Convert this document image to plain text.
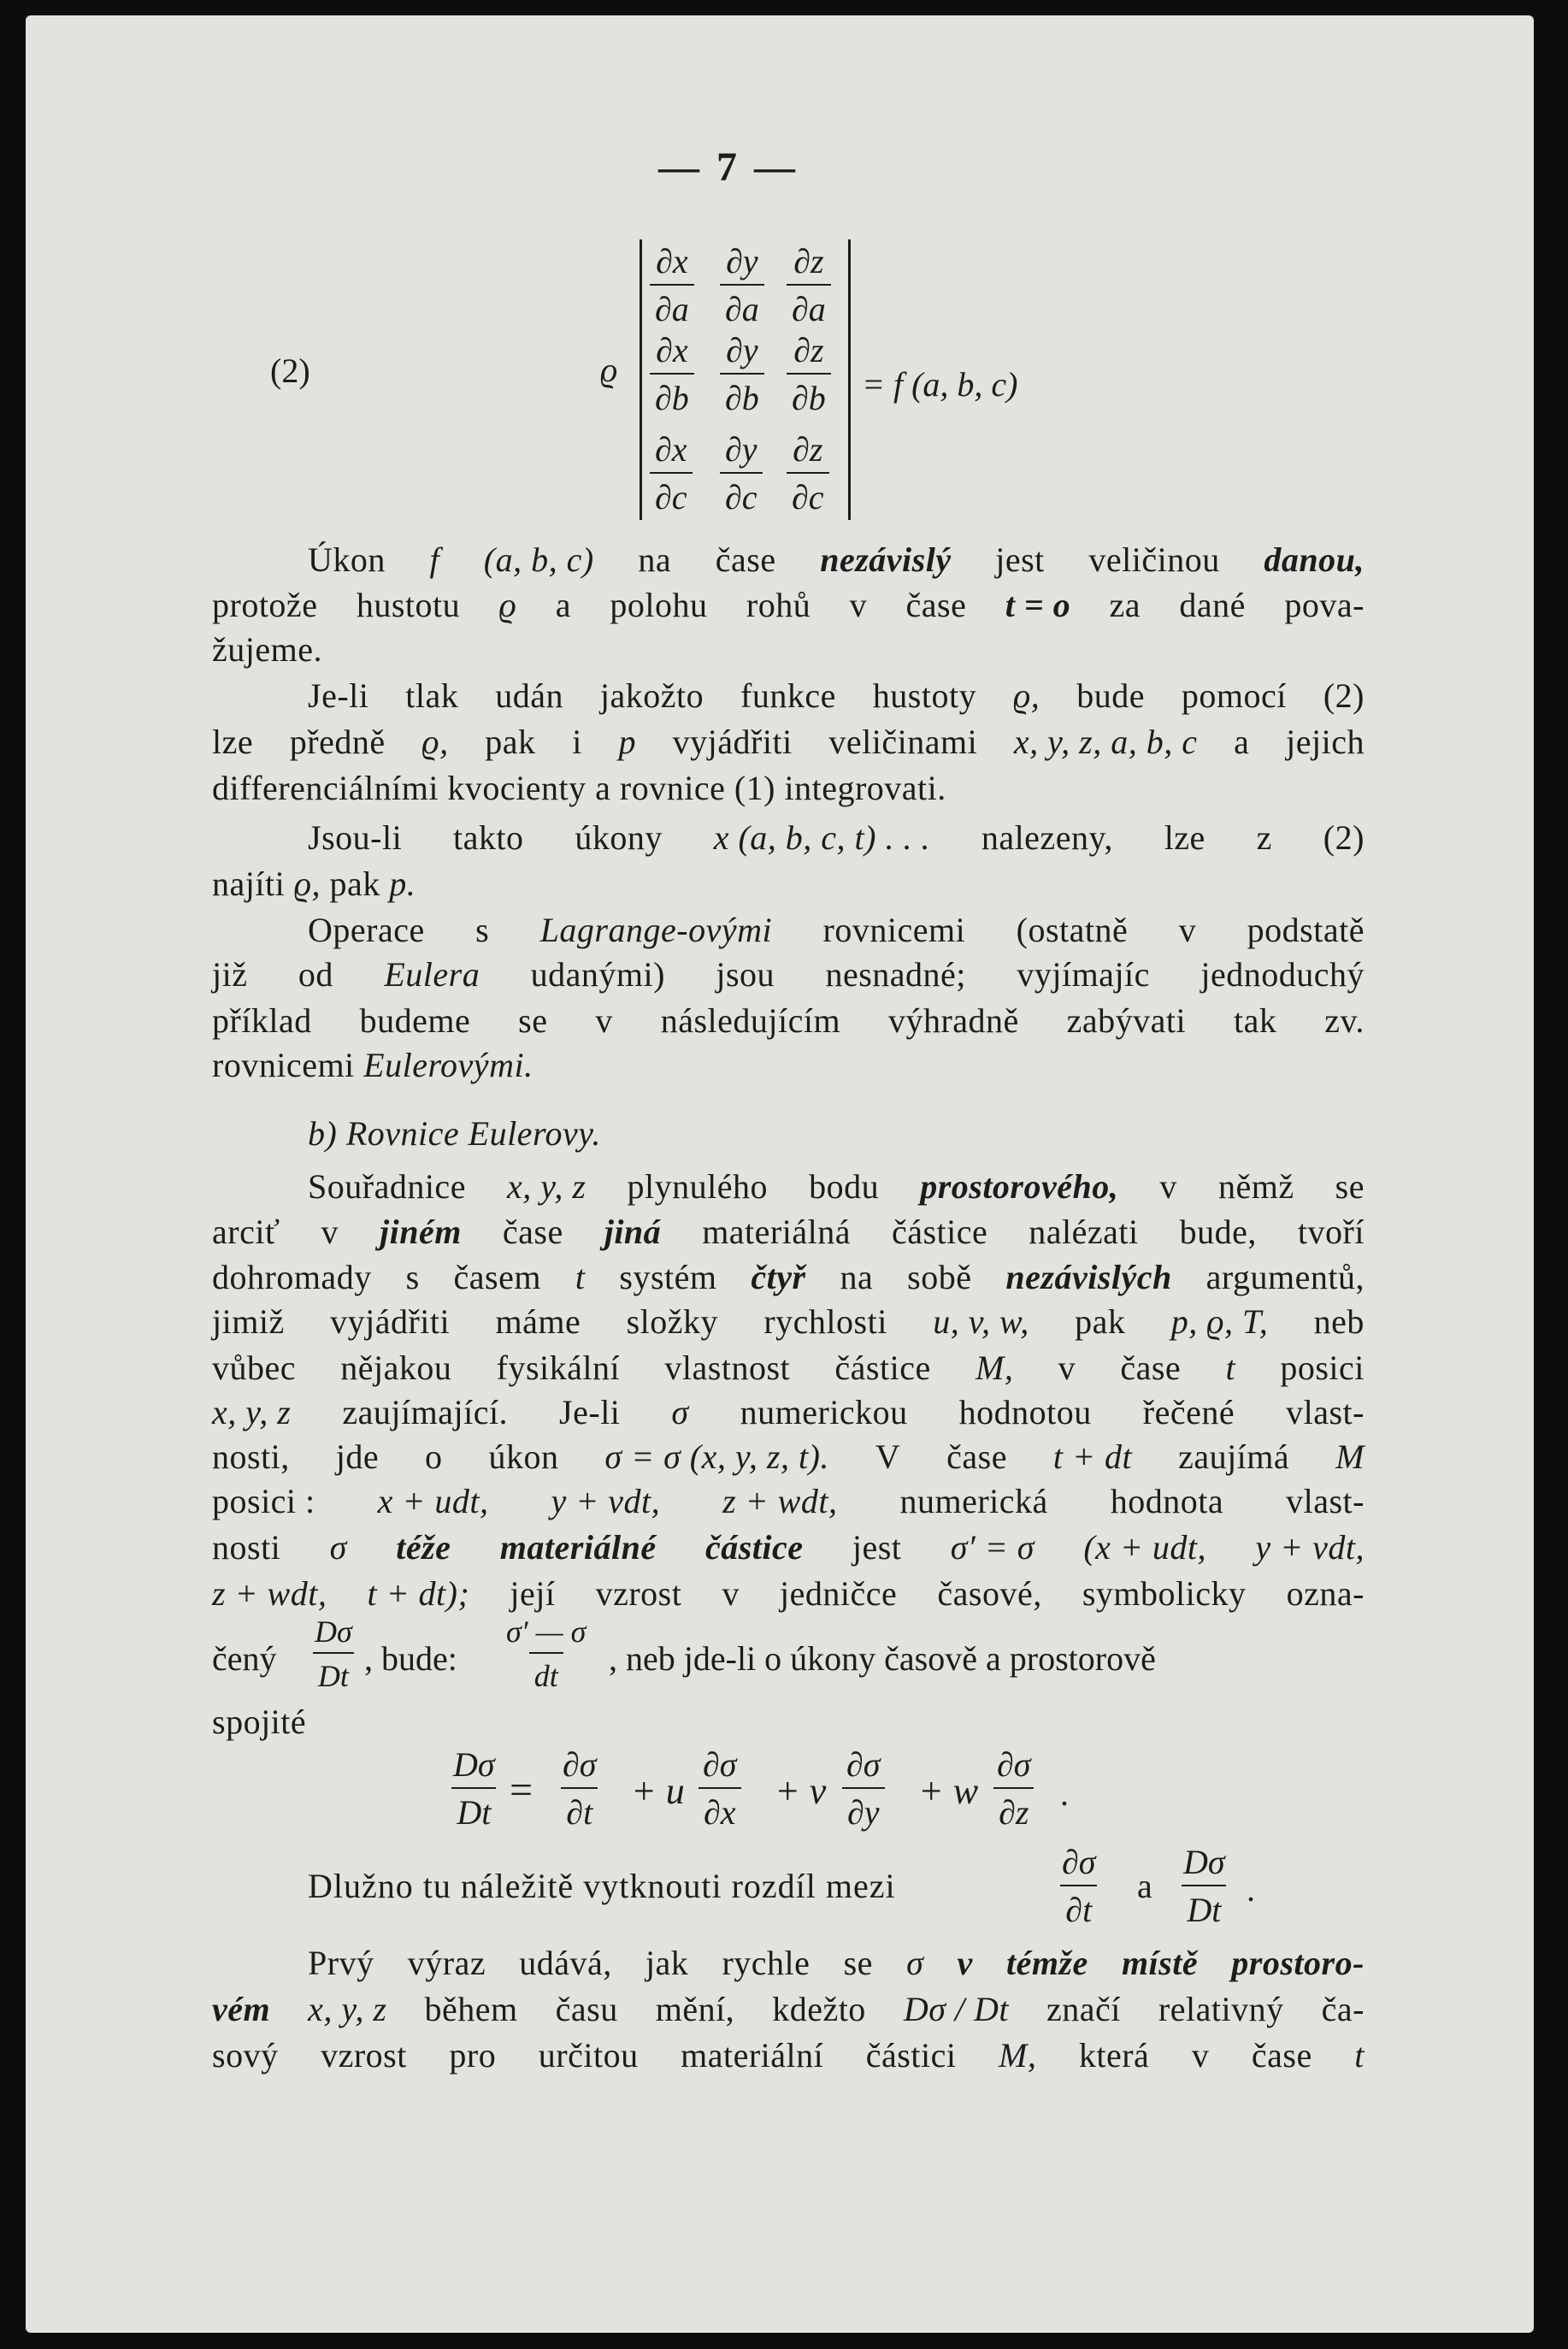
— 7 —
(2)	ϱ
$\frac{\partial x}{\partial a} \frac{\partial y}{\partial a} \frac{\partial z}{\partial a}$
$\frac{\partial x}{\partial b} \frac{\partial y}{\partial b} \frac{\partial z}{\partial b}$
$\frac{\partial x}{\partial c} \frac{\partial y}{\partial c} \frac{\partial z}{\partial c}$
= f (a, b, c)
Úkon f (a, b, c) na čase nezávislý jest veličinou danou,
protože hustotu ϱ a polohu rohů v čase t = o za dané pova-
žujeme.
Je-li tlak udán jakožto funkce hustoty ϱ, bude pomocí (2)
lze předně ϱ, pak i p vyjádřiti veličinami x, y, z, a, b, c a jejich
differenciálními kvocienty a rovnice (1) integrovati.
Jsou-li takto úkony x (a, b, c, t) . . . nalezeny, lze z (2)
najíti ϱ, pak p.
Operace s Lagrange-ovými rovnicemi (ostatně v podstatě
již od Eulera udanými) jsou nesnadné; vyjímajíc jednoduchý
příklad budeme se v následujícím výhradně zabývati tak zv.
rovnicemi Eulerovými.
b) Rovnice Eulerovy.
Souřadnice x, y, z plynulého bodu prostorového, v němž se
arciť v jiném čase jiná materiálná částice nalézati bude, tvoří
dohromady s časem t systém čtyř na sobě nezávislých argumentů,
jimiž vyjádřiti máme složky rychlosti u, v, w, pak p, ϱ, T, neb
vůbec nějakou fysikální vlastnost částice M, v čase t posici
x, y, z zaujímající. Je-li σ numerickou hodnotou řečené vlast-
nosti, jde o úkon σ = σ (x, y, z, t). V čase t + dt zaujímá M
posici : x + udt, y + vdt, z + wdt, numerická hodnota vlast-
nosti σ téže materiálné částice jest σ′ = σ (x + udt, y + vdt,
z + wdt, t + dt); její vzrost v jedničce časové, symbolicky ozna-
čený $\frac{D\sigma}{Dt}$ , bude: $\frac{\sigma' — \sigma}{dt}$ , neb jde-li o úkony časově a prostorově
spojité
$\frac{D\sigma}{Dt} = \frac{\partial\sigma}{\partial t} + u \frac{\partial\sigma}{\partial x} + v \frac{\partial\sigma}{\partial y} + w \frac{\partial\sigma}{\partial z}$ .
Dlužno tu náležitě vytknouti rozdíl mezi	$\frac{\partial\sigma}{\partial t}$ a $\frac{D\sigma}{Dt}$ .
Prvý výraz udává, jak rychle se σ v témže místě prostoro-
vém x, y, z během času mění, kdežto Dσ / Dt značí relativný ča-
sový vzrost pro určitou materiální částici M, která v čase t
